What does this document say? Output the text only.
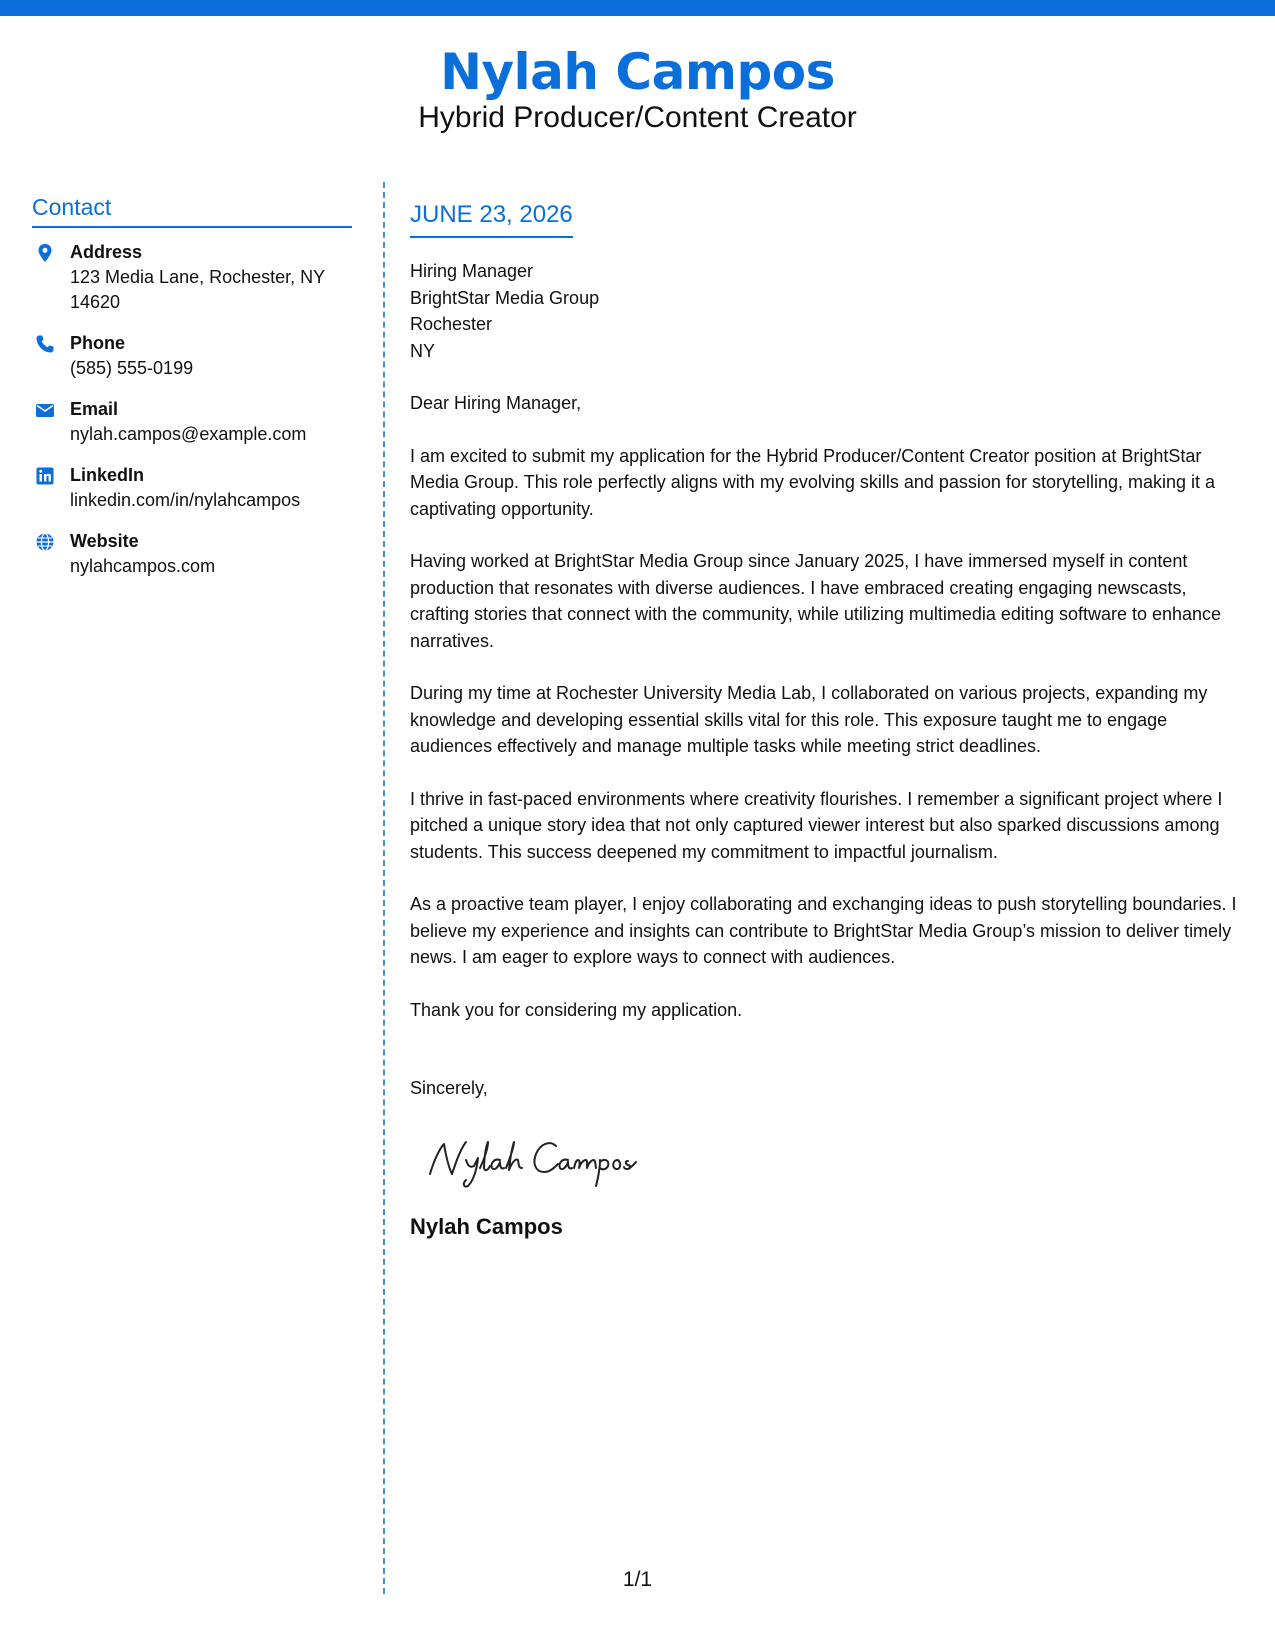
Nylah Campos
Hybrid Producer/Content Creator
Contact
Address
123 Media Lane, Rochester, NY 14620
Phone
(585) 555-0199
Email
nylah.campos@example.com
LinkedIn
linkedin.com/in/nylahcampos
Website
nylahcampos.com
JUNE 23, 2026
Hiring Manager
BrightStar Media Group
Rochester
NY
Dear Hiring Manager,

I am excited to submit my application for the Hybrid Producer/Content Creator position at BrightStar Media Group. This role perfectly aligns with my evolving skills and passion for storytelling, making it a captivating opportunity.

Having worked at BrightStar Media Group since January 2025, I have immersed myself in content production that resonates with diverse audiences. I have embraced creating engaging newscasts, crafting stories that connect with the community, while utilizing multimedia editing software to enhance narratives.

During my time at Rochester University Media Lab, I collaborated on various projects, expanding my knowledge and developing essential skills vital for this role. This exposure taught me to engage audiences effectively and manage multiple tasks while meeting strict deadlines.

I thrive in fast-paced environments where creativity flourishes. I remember a significant project where I pitched a unique story idea that not only captured viewer interest but also sparked discussions among students. This success deepened my commitment to impactful journalism.

As a proactive team player, I enjoy collaborating and exchanging ideas to push storytelling boundaries. I believe my experience and insights can contribute to BrightStar Media Group’s mission to deliver timely news. I am eager to explore ways to connect with audiences.

Thank you for considering my application.

Sincerely,
Nylah Campos
1/1
